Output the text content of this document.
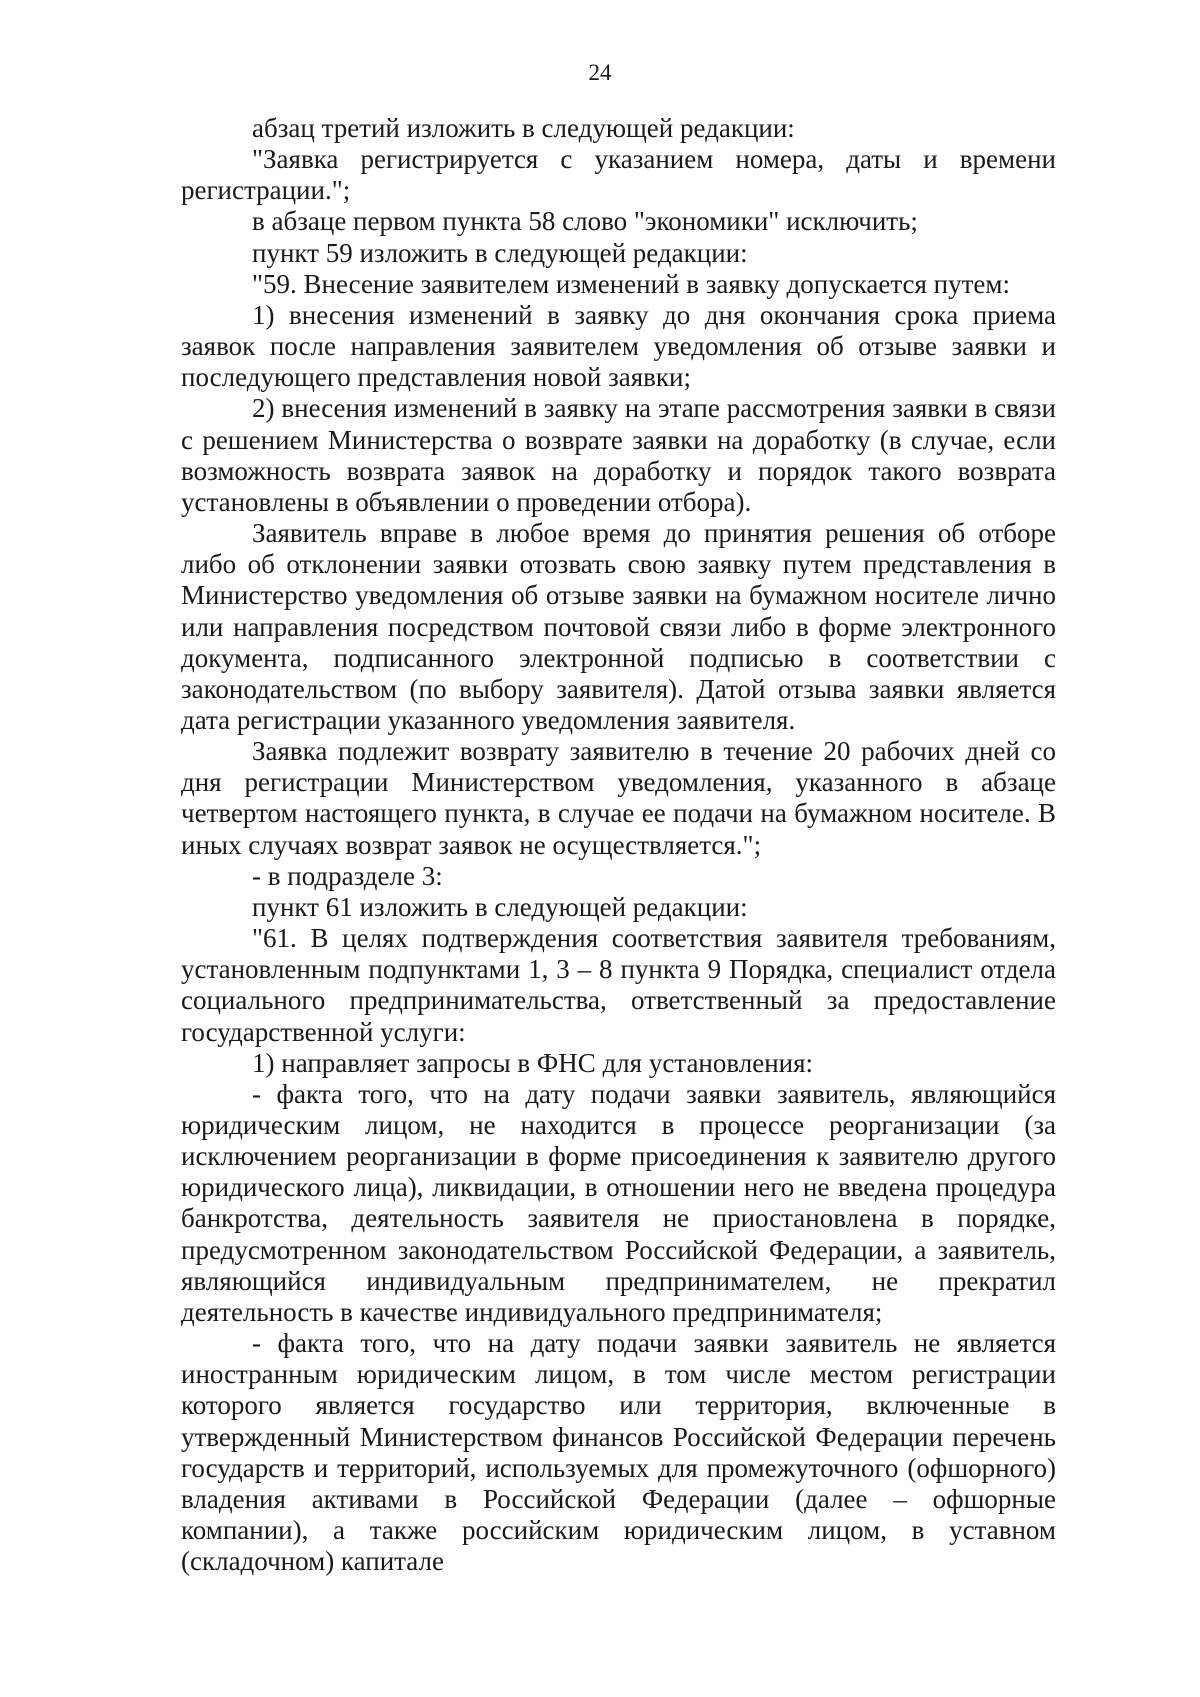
24

абзац третий изложить в следующей редакции:

"Заявка регистрируется с указанием номера, даты и времени регистрации.";

в абзаце первом пункта 58 слово "экономики" исключить;

пункт 59 изложить в следующей редакции:

"59. Внесение заявителем изменений в заявку допускается путем:

1) внесения изменений в заявку до дня окончания срока приема заявок после направления заявителем уведомления об отзыве заявки и последующего представления новой заявки;

2) внесения изменений в заявку на этапе рассмотрения заявки в связи с решением Министерства о возврате заявки на доработку (в случае, если возможность возврата заявок на доработку и порядок такого возврата установлены в объявлении о проведении отбора).

Заявитель вправе в любое время до принятия решения об отборе либо об отклонении заявки отозвать свою заявку путем представления в Министерство уведомления об отзыве заявки на бумажном носителе лично или направления посредством почтовой связи либо в форме электронного документа, подписанного электронной подписью в соответствии с законодательством (по выбору заявителя). Датой отзыва заявки является дата регистрации указанного уведомления заявителя.

Заявка подлежит возврату заявителю в течение 20 рабочих дней со дня регистрации Министерством уведомления, указанного в абзаце четвертом настоящего пункта, в случае ее подачи на бумажном носителе. В иных случаях возврат заявок не осуществляется.";

- в подразделе 3:

пункт 61 изложить в следующей редакции:

"61. В целях подтверждения соответствия заявителя требованиям, установленным подпунктами 1, 3 – 8 пункта 9 Порядка, специалист отдела социального предпринимательства, ответственный за предоставление государственной услуги:

1) направляет запросы в ФНС для установления:

- факта того, что на дату подачи заявки заявитель, являющийся юридическим лицом, не находится в процессе реорганизации (за исключением реорганизации в форме присоединения к заявителю другого юридического лица), ликвидации, в отношении него не введена процедура банкротства, деятельность заявителя не приостановлена в порядке, предусмотренном законодательством Российской Федерации, а заявитель, являющийся индивидуальным предпринимателем, не прекратил деятельность в качестве индивидуального предпринимателя;

- факта того, что на дату подачи заявки заявитель не является иностранным юридическим лицом, в том числе местом регистрации которого является государство или территория, включенные в утвержденный Министерством финансов Российской Федерации перечень государств и территорий, используемых для промежуточного (офшорного) владения активами в Российской Федерации (далее – офшорные компании), а также российским юридическим лицом, в уставном (складочном) капитале
